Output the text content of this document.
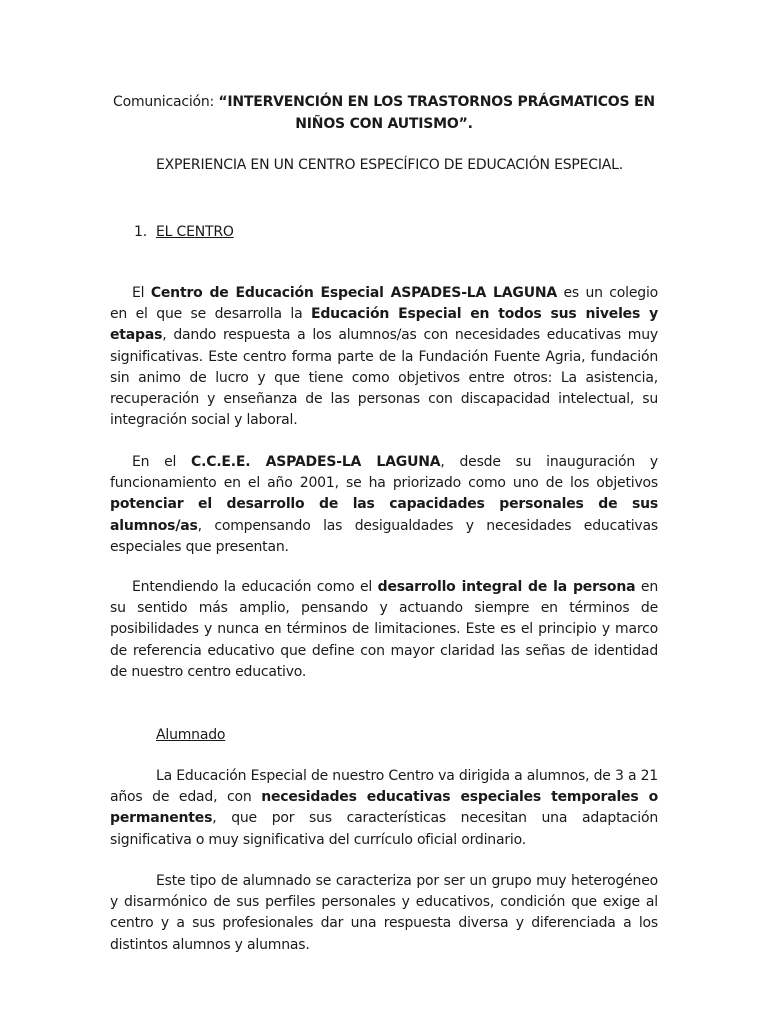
Comunicación: “INTERVENCIÓN EN LOS TRASTORNOS PRÁGMATICOS EN NIÑOS CON AUTISMO”.

EXPERIENCIA EN UN CENTRO ESPECÍFICO DE EDUCACIÓN ESPECIAL.

1. EL CENTRO

El Centro de Educación Especial ASPADES-LA LAGUNA es un colegio en el que se desarrolla la Educación Especial en todos sus niveles y etapas, dando respuesta a los alumnos/as con necesidades educativas muy significativas. Este centro forma parte de la Fundación Fuente Agria, fundación sin animo de lucro y que tiene como objetivos entre otros: La asistencia, recuperación y enseñanza de las personas con discapacidad intelectual, su integración social y laboral.

En el C.C.E.E. ASPADES-LA LAGUNA, desde su inauguración y funcionamiento en el año 2001, se ha priorizado como uno de los objetivos potenciar el desarrollo de las capacidades personales de sus alumnos/as, compensando las desigualdades y necesidades educativas especiales que presentan.

Entendiendo la educación como el desarrollo integral de la persona en su sentido más amplio, pensando y actuando siempre en términos de posibilidades y nunca en términos de limitaciones. Este es el principio y marco de referencia educativo que define con mayor claridad las señas de identidad de nuestro centro educativo.

Alumnado

La Educación Especial de nuestro Centro va dirigida a alumnos, de 3 a 21 años de edad, con necesidades educativas especiales temporales o permanentes, que por sus características necesitan una adaptación significativa o muy significativa del currículo oficial ordinario.

Este tipo de alumnado se caracteriza por ser un grupo muy heterogéneo y disarmónico de sus perfiles personales y educativos, condición que exige al centro y a sus profesionales dar una respuesta diversa y diferenciada a los distintos alumnos y alumnas.
